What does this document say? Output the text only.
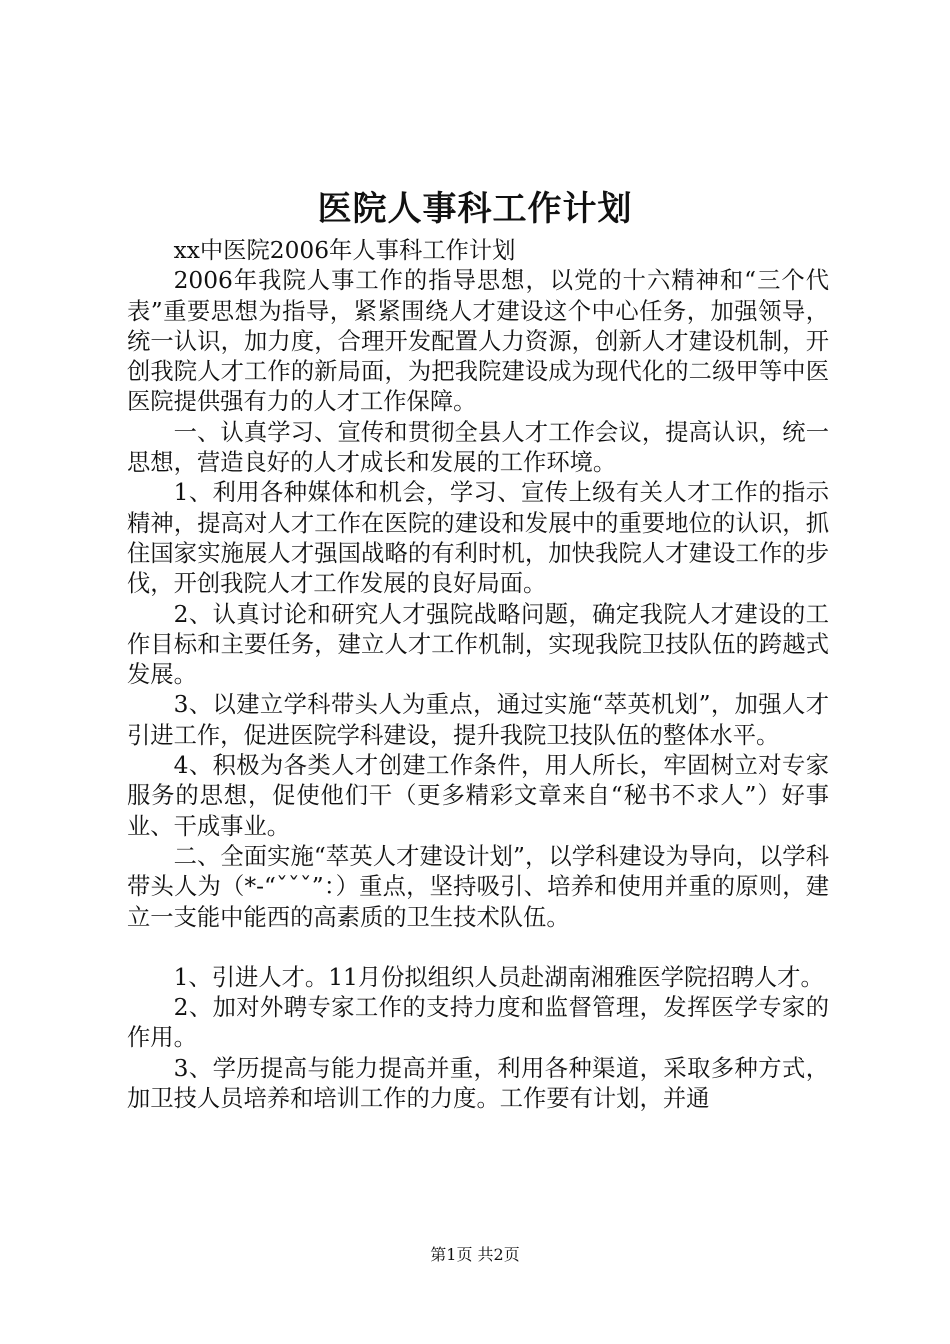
医院人事科工作计划

xx中医院2006年人事科工作计划

2006年我院人事工作的指导思想，以党的十六精神和“三个代表”重要思想为指导，紧紧围绕人才建设这个中心任务，加强领导，统一认识，加力度，合理开发配置人力资源，创新人才建设机制，开创我院人才工作的新局面，为把我院建设成为现代化的二级甲等中医医院提供强有力的人才工作保障。

一、认真学习、宣传和贯彻全县人才工作会议，提高认识，统一思想，营造良好的人才成长和发展的工作环境。

1、利用各种媒体和机会，学习、宣传上级有关人才工作的指示精神，提高对人才工作在医院的建设和发展中的重要地位的认识，抓住国家实施展人才强国战略的有利时机，加快我院人才建设工作的步伐，开创我院人才工作发展的良好局面。

2、认真讨论和研究人才强院战略问题，确定我院人才建设的工作目标和主要任务，建立人才工作机制，实现我院卫技队伍的跨越式发展。

3、以建立学科带头人为重点，通过实施“萃英机划”，加强人才引进工作，促进医院学科建设，提升我院卫技队伍的整体水平。

4、积极为各类人才创建工作条件，用人所长，牢固树立对专家服务的思想，促使他们干（更多精彩文章来自“秘书不求人”）好事业、干成事业。

二、全面实施“萃英人才建设计划”，以学科建设为导向，以学科带头人为（*-“ˇˇˇ”：）重点，坚持吸引、培养和使用并重的原则，建立一支能中能西的高素质的卫生技术队伍。

1、引进人才。11月份拟组织人员赴湖南湘雅医学院招聘人才。

2、加对外聘专家工作的支持力度和监督管理，发挥医学专家的作用。

3、学历提高与能力提高并重，利用各种渠道，采取多种方式，加卫技人员培养和培训工作的力度。工作要有计划，并通

第1页 共2页
